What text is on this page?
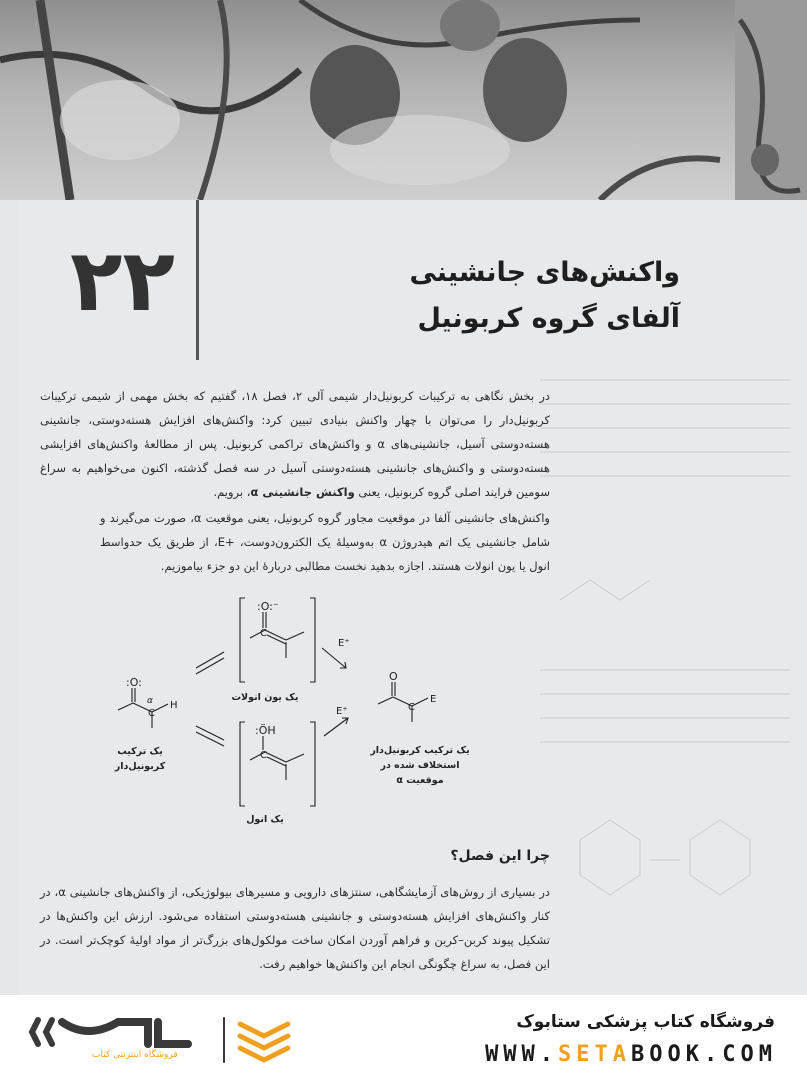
۲۲	واکنش‌های جانشینی
آلفای گروه کربونیل
در بخش نگاهی به ترکیبات کربونیل‌دار شیمی آلی ۲، فصل ۱۸، گفتیم که بخش مهمی از شیمی ترکیبات کربونیل‌دار را می‌توان با چهار واکنش بنیادی تبیین کرد: واکنش‌های افزایش هسته‌دوستی، جانشینی هسته‌دوستی آسیل، جانشینی‌های α و واکنش‌های تراکمی کربونیل. پس از مطالعهٔ واکنش‌های افزایشی هسته‌دوستی و واکنش‌های جانشینی هسته‌دوستی آسیل در سه فصل گذشته، اکنون می‌خواهیم به سراغ سومین فرایند اصلی گروه کربونیل، یعنی واکنش جانشینی α، برویم.
واکنش‌های جانشینی آلفا در موقعیت مجاور گروه کربونیل، یعنی موقعیت α، صورت می‌گیرند و شامل جانشینی یک اتم هیدروژن α به‌وسیلهٔ یک الکترون‌دوست، +E، از طریق یک حدواسط انول یا یون انولات هستند. اجازه بدهید نخست مطالبی دربارهٔ این دو جزء بیاموزیم.
:O:
α
C
H
:O:⁻
C
:ÖH
C
E⁺
E⁺
O
C
E
یک ترکیب
کربونیل‌دار
یک یون انولات
یک انول
یک ترکیب کربونیل‌دار
استخلاف شده در
موقعیت α
چرا این فصل؟
در بسیاری از روش‌های آزمایشگاهی، سنتزهای دارویی و مسیرهای بیولوژیکی، از واکنش‌های جانشینی α، در کنار واکنش‌های افزایش هسته‌دوستی و جانشینی هسته‌دوستی استفاده می‌شود. ارزش این واکنش‌ها در تشکیل پیوند کربن–کربن و فراهم آوردن امکان ساخت مولکول‌های بزرگ‌تر از مواد اولیهٔ کوچک‌تر است. در این فصل، به سراغ چگونگی انجام این واکنش‌ها خواهیم رفت.
فروشگاه اینترنتی کتاب
فروشگاه کتاب پزشکی ستابوک
WWW.SETABOOK.COM
